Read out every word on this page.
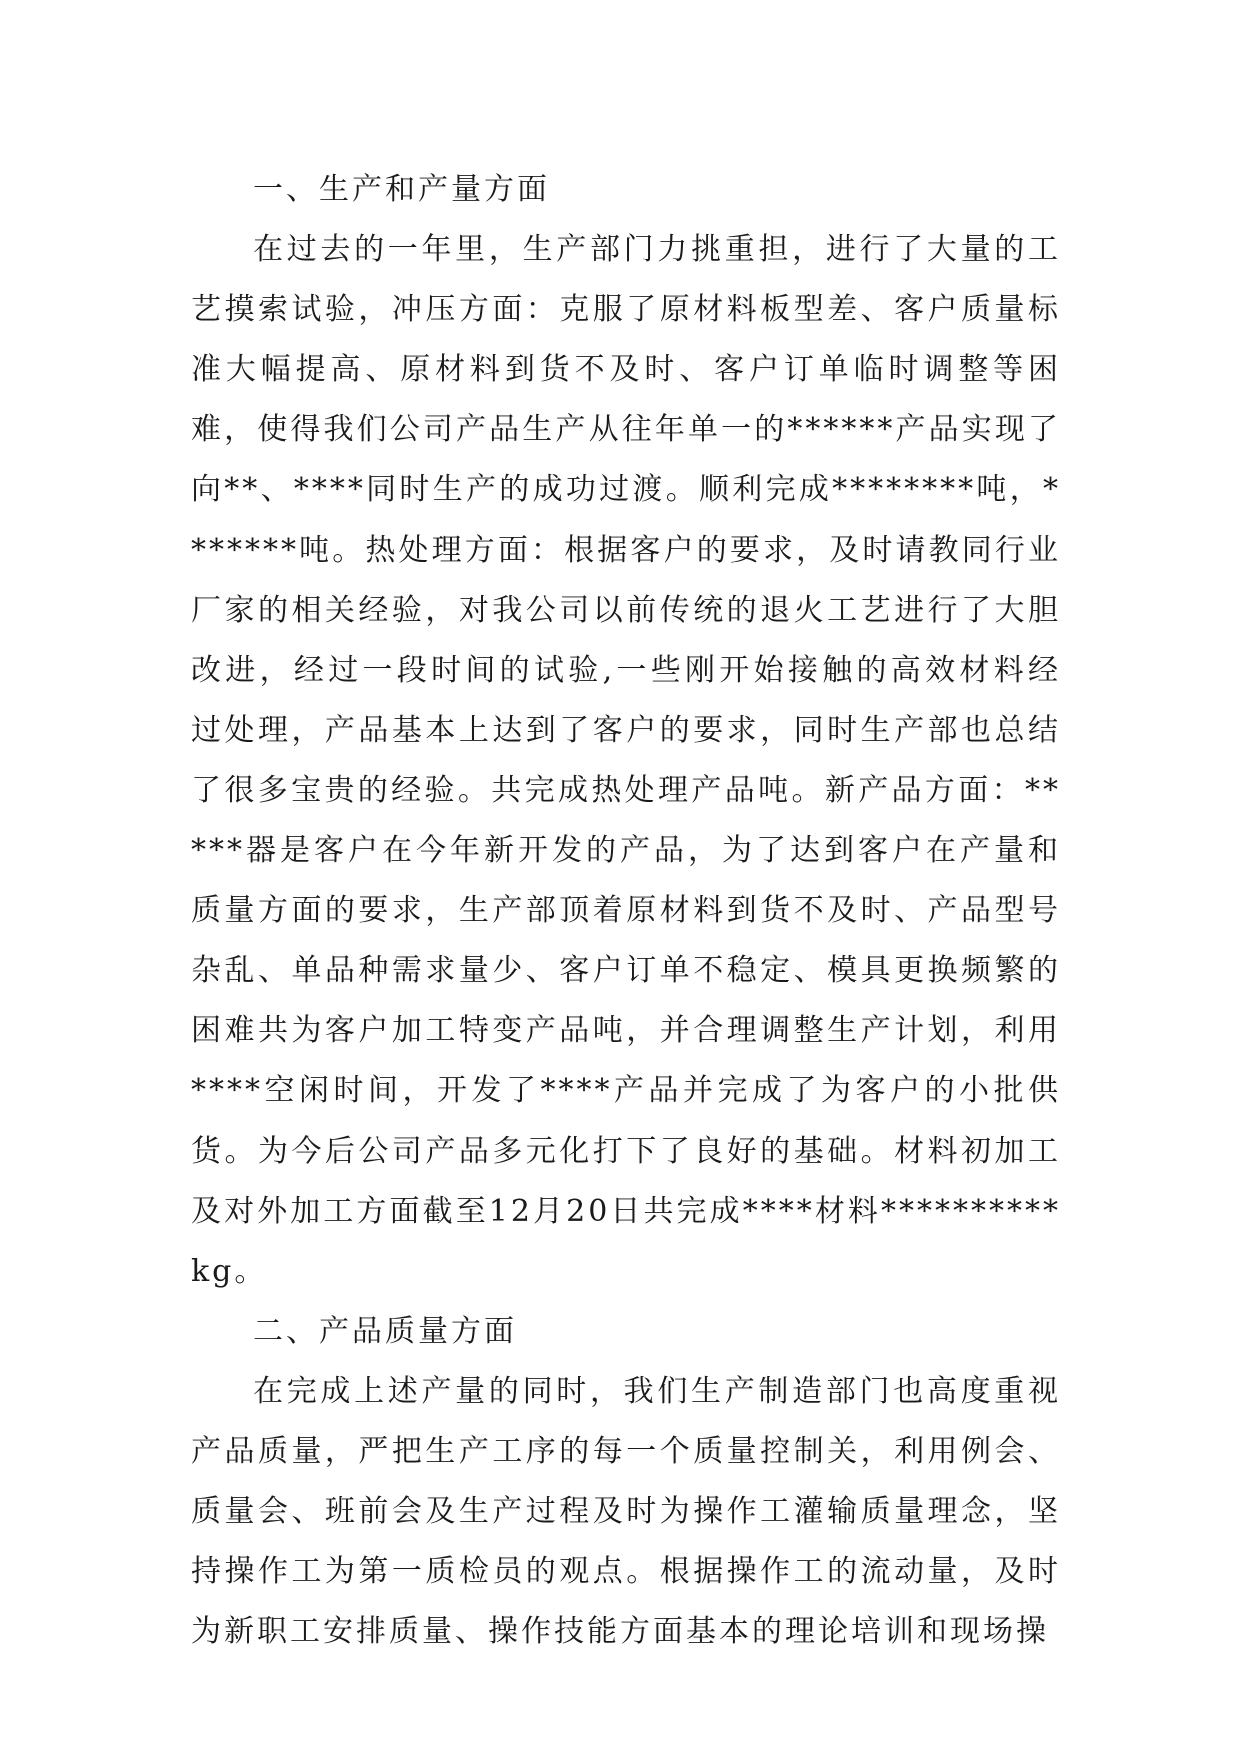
一、生产和产量方面
在过去的一年里，生产部门力挑重担，进行了大量的工艺摸索试验，冲压方面：克服了原材料板型差、客户质量标准大幅提高、原材料到货不及时、客户订单临时调整等困难，使得我们公司产品生产从往年单一的******产品实现了向**、****同时生产的成功过渡。顺利完成********吨，*******吨。热处理方面：根据客户的要求，及时请教同行业厂家的相关经验，对我公司以前传统的退火工艺进行了大胆改进，经过一段时间的试验,一些刚开始接触的高效材料经过处理，产品基本上达到了客户的要求，同时生产部也总结了很多宝贵的经验。共完成热处理产品吨。新产品方面：*****器是客户在今年新开发的产品，为了达到客户在产量和质量方面的要求，生产部顶着原材料到货不及时、产品型号杂乱、单品种需求量少、客户订单不稳定、模具更换频繁的困难共为客户加工特变产品吨，并合理调整生产计划，利用****空闲时间，开发了****产品并完成了为客户的小批供货。为今后公司产品多元化打下了良好的基础。材料初加工及对外加工方面截至12月20日共完成****材料**********kg。
二、产品质量方面
在完成上述产量的同时，我们生产制造部门也高度重视产品质量，严把生产工序的每一个质量控制关，利用例会、质量会、班前会及生产过程及时为操作工灌输质量理念，坚持操作工为第一质检员的观点。根据操作工的流动量，及时为新职工安排质量、操作技能方面基本的理论培训和现场操
